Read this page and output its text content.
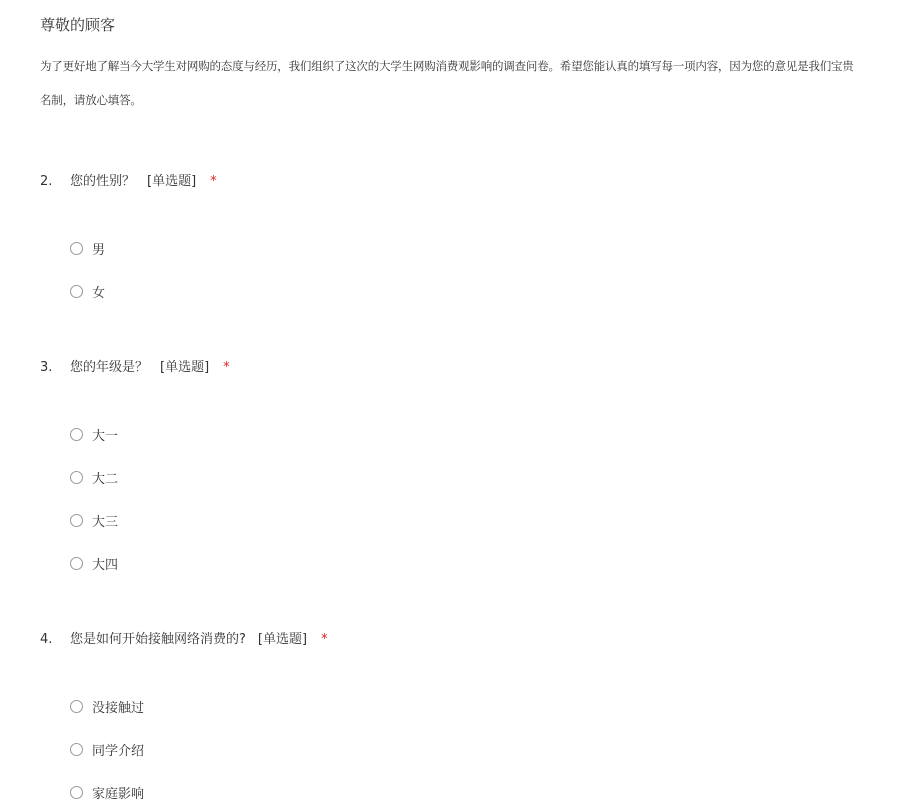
尊敬的顾客
为了更好地了解当今大学生对网购的态度与经历，我们组织了这次的大学生网购消费观影响的调查问卷。希望您能认真的填写每一项内容，因为您的意见是我们宝贵
名制，请放心填答。
2. 您的性别？ [单选题] *
男
女
3. 您的年级是？ [单选题] *
大一
大二
大三
大四
4. 您是如何开始接触网络消费的? [单选题] *
没接触过
同学介绍
家庭影响
